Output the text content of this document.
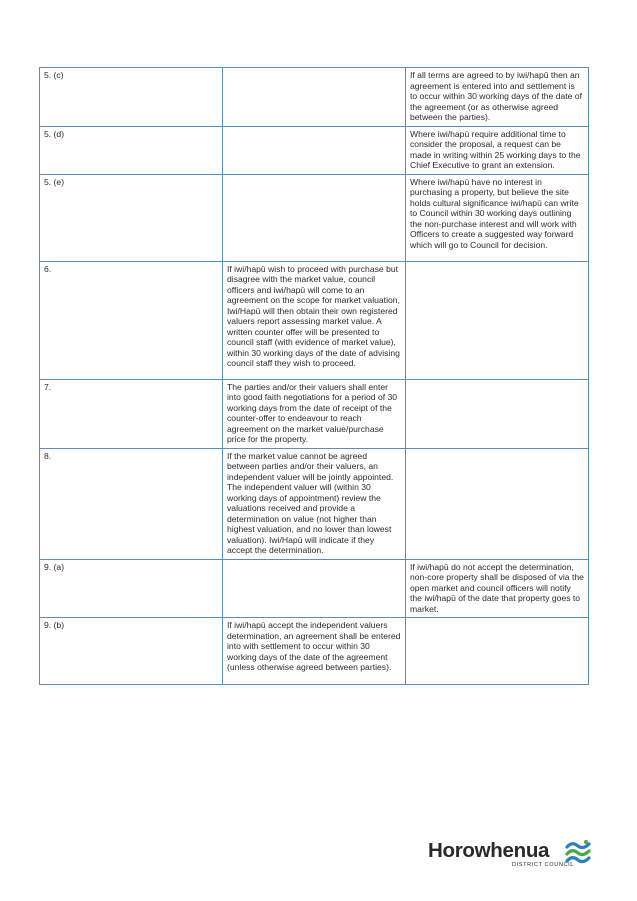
5. (c)		If all terms are agreed to by iwi/hapū then an agreement is entered into and settlement is to occur within 30 working days of the date of the agreement (or as otherwise agreed between the parties).
5. (d)		Where iwi/hapū require additional time to consider the proposal, a request can be made in writing within 25 working days to the Chief Executive to grant an extension.
5. (e)		Where iwi/hapū have no interest in purchasing a property, but believe the site holds cultural significance iwi/hapū can write to Council within 30 working days outlining the non-purchase interest and will work with Officers to create a suggested way forward which will go to Council for decision.
6.	If iwi/hapū wish to proceed with purchase but disagree with the market value, council officers and iwi/hapū will come to an agreement on the scope for market valuation, Iwi/Hapū will then obtain their own registered valuers report assessing market value. A written counter offer will be presented to council staff (with evidence of market value), within 30 working days of the date of advising council staff they wish to proceed.	
7.	The parties and/or their valuers shall enter into good faith negotiations for a period of 30 working days from the date of receipt of the counter-offer to endeavour to reach agreement on the market value/purchase price for the property.	
8.	If the market value cannot be agreed between parties and/or their valuers, an independent valuer will be jointly appointed. The independent valuer will (within 30 working days of appointment) review the valuations received and provide a determination on value (not higher than highest valuation, and no lower than lowest valuation). Iwi/Hapū will indicate if they accept the determination.	
9. (a)		If iwi/hapū do not accept the determination, non-core property shall be disposed of via the open market and council officers will notify the iwi/hapū of the date that property goes to market.
9. (b)	If iwi/hapū accept the independent valuers determination, an agreement shall be entered into with settlement to occur within 30 working days of the date of the agreement (unless otherwise agreed between parties).	
Horowhenua
DISTRICT COUNCIL
